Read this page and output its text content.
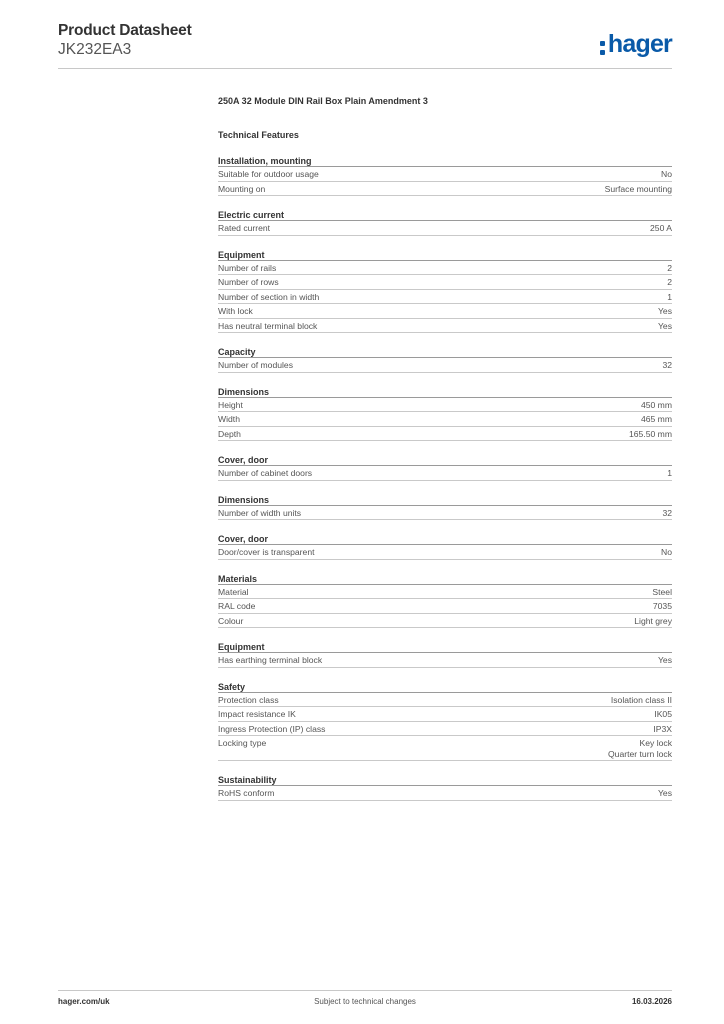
Product Datasheet
JK232EA3	hager
250A 32 Module DIN Rail Box Plain Amendment 3
Technical Features
Installation, mounting
Suitable for outdoor usage	No
Mounting on	Surface mounting
Electric current
Rated current	250 A
Equipment
Number of rails	2
Number of rows	2
Number of section in width	1
With lock	Yes
Has neutral terminal block	Yes
Capacity
Number of modules	32
Dimensions
Height	450 mm
Width	465 mm
Depth	165.50 mm
Cover, door
Number of cabinet doors	1
Dimensions
Number of width units	32
Cover, door
Door/cover is transparent	No
Materials
Material	Steel
RAL code	7035
Colour	Light grey
Equipment
Has earthing terminal block	Yes
Safety
Protection class	Isolation class II
Impact resistance IK	IK05
Ingress Protection (IP) class	IP3X
Locking type	Key lock
Quarter turn lock
Sustainability
RoHS conform	Yes
hager.com/uk	Subject to technical changes	16.03.2026
